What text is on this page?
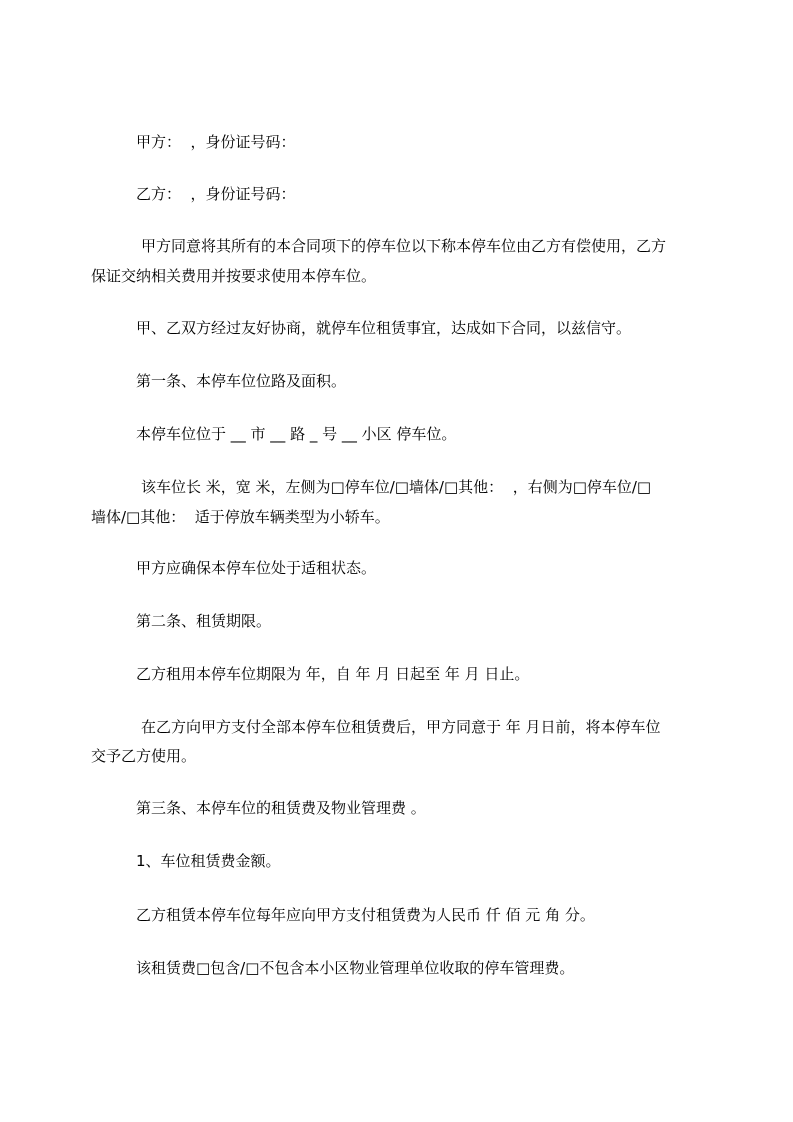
甲方：  ，身份证号码：

乙方：  ，身份证号码：

甲方同意将其所有的本合同项下的停车位以下称本停车位由乙方有偿使用，乙方

保证交纳相关费用并按要求使用本停车位。

甲、乙双方经过友好协商，就停车位租赁事宜，达成如下合同，以兹信守。

第一条、本停车位位路及面积。

本停车位位于 __ 市 __ 路 _ 号 __ 小区 停车位。

该车位长 米，宽 米，左侧为□停车位/□墙体/□其他：  ，右侧为□停车位/□

墙体/□其他：  适于停放车辆类型为小轿车。

甲方应确保本停车位处于适租状态。

第二条、租赁期限。

乙方租用本停车位期限为 年，自 年 月 日起至 年 月 日止。

在乙方向甲方支付全部本停车位租赁费后，甲方同意于 年 月日前，将本停车位

交予乙方使用。

第三条、本停车位的租赁费及物业管理费 。

1、车位租赁费金额。

乙方租赁本停车位每年应向甲方支付租赁费为人民币 仟 佰 元 角 分。

该租赁费□包含/□不包含本小区物业管理单位收取的停车管理费。
